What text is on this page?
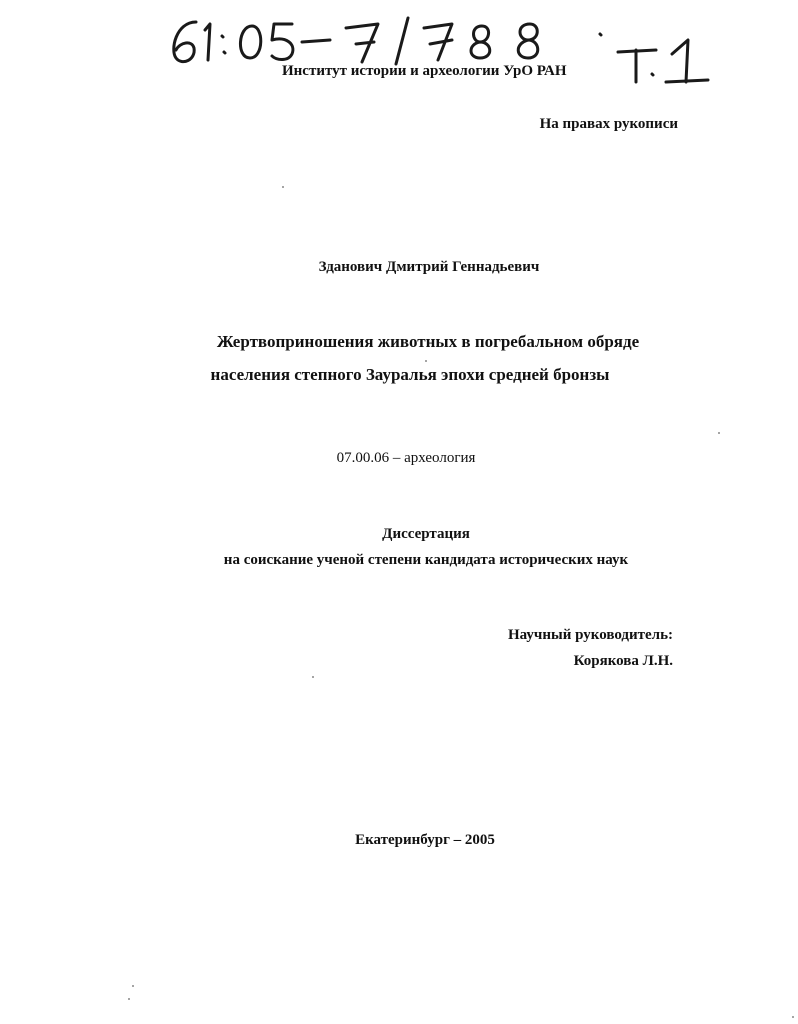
Институт истории и археологии УрО РАН
На правах рукописи
Зданович Дмитрий Геннадьевич
Жертвоприношения животных в погребальном обряде
населения степного Зауралья эпохи средней бронзы
07.00.06 – археология
Диссертация
на соискание ученой степени кандидата исторических наук
Научный руководитель:
Корякова Л.Н.
Екатеринбург – 2005
